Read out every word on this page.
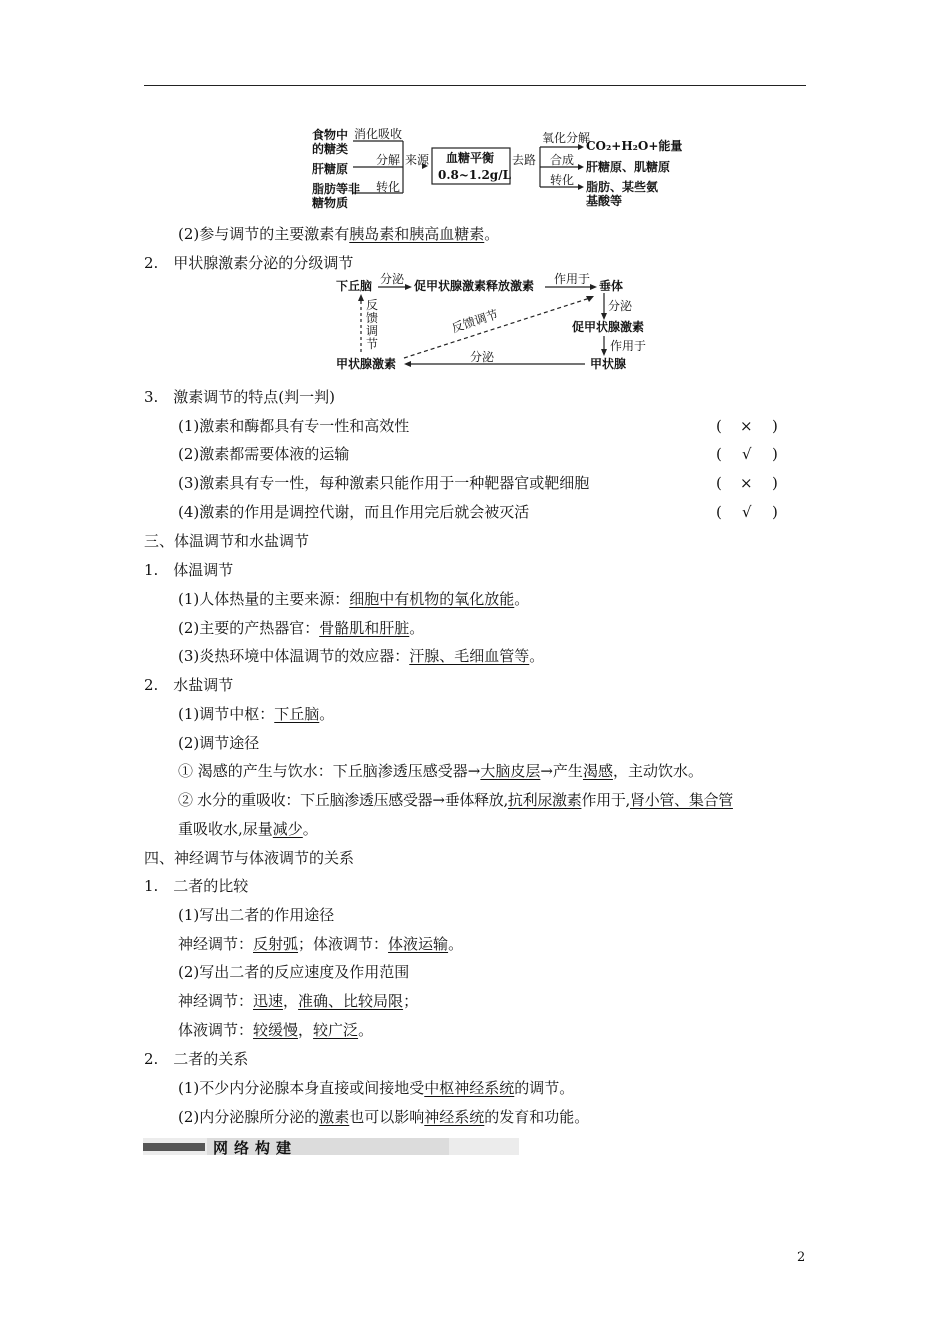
食物中
的糖类
肝糖原
脂肪等非
糖物质
消化吸收
分解
转化
来源 血糖平衡
0.8~1.2g/L
去路
氧化分解
合成
转化
CO₂+H₂O+能量
肝糖原、肌糖原
脂肪、某些氨
基酸等
(2)参与调节的主要激素有胰岛素和胰高血糖素。
2.　甲状腺激素分泌的分级调节
下丘脑 分泌 促甲状腺激素释放激素 作用于 垂体
分泌
促甲状腺激素
作用于
甲状腺
分泌
甲状腺激素
反
馈
调
节
反馈调节
3.　激素调节的特点(判一判)
(1)激素和酶都具有专一性和高效性	( × )
(2)激素都需要体液的运输	( √ )
(3)激素具有专一性，每种激素只能作用于一种靶器官或靶细胞	( × )
(4)激素的作用是调控代谢，而且作用完后就会被灭活	( √ )
三、体温调节和水盐调节
1.　体温调节
(1)人体热量的主要来源：细胞中有机物的氧化放能。
(2)主要的产热器官：骨骼肌和肝脏。
(3)炎热环境中体温调节的效应器：汗腺、毛细血管等。
2.　水盐调节
(1)调节中枢：下丘脑。
(2)调节途径
① 渴感的产生与饮水：下丘脑渗透压感受器→大脑皮层→产生渴感，主动饮水。
② 水分的重吸收：下丘脑渗透压感受器→垂体释放,抗利尿激素作用于,肾小管、集合管
重吸收水,尿量减少。
四、神经调节与体液调节的关系
1.　二者的比较
(1)写出二者的作用途径
神经调节：反射弧；体液调节：体液运输。
(2)写出二者的反应速度及作用范围
神经调节：迅速，准确、比较局限；
体液调节：较缓慢，较广泛。
2.　二者的关系
(1)不少内分泌腺本身直接或间接地受中枢神经系统的调节。
(2)内分泌腺所分泌的激素也可以影响神经系统的发育和功能。
网络构建
2
